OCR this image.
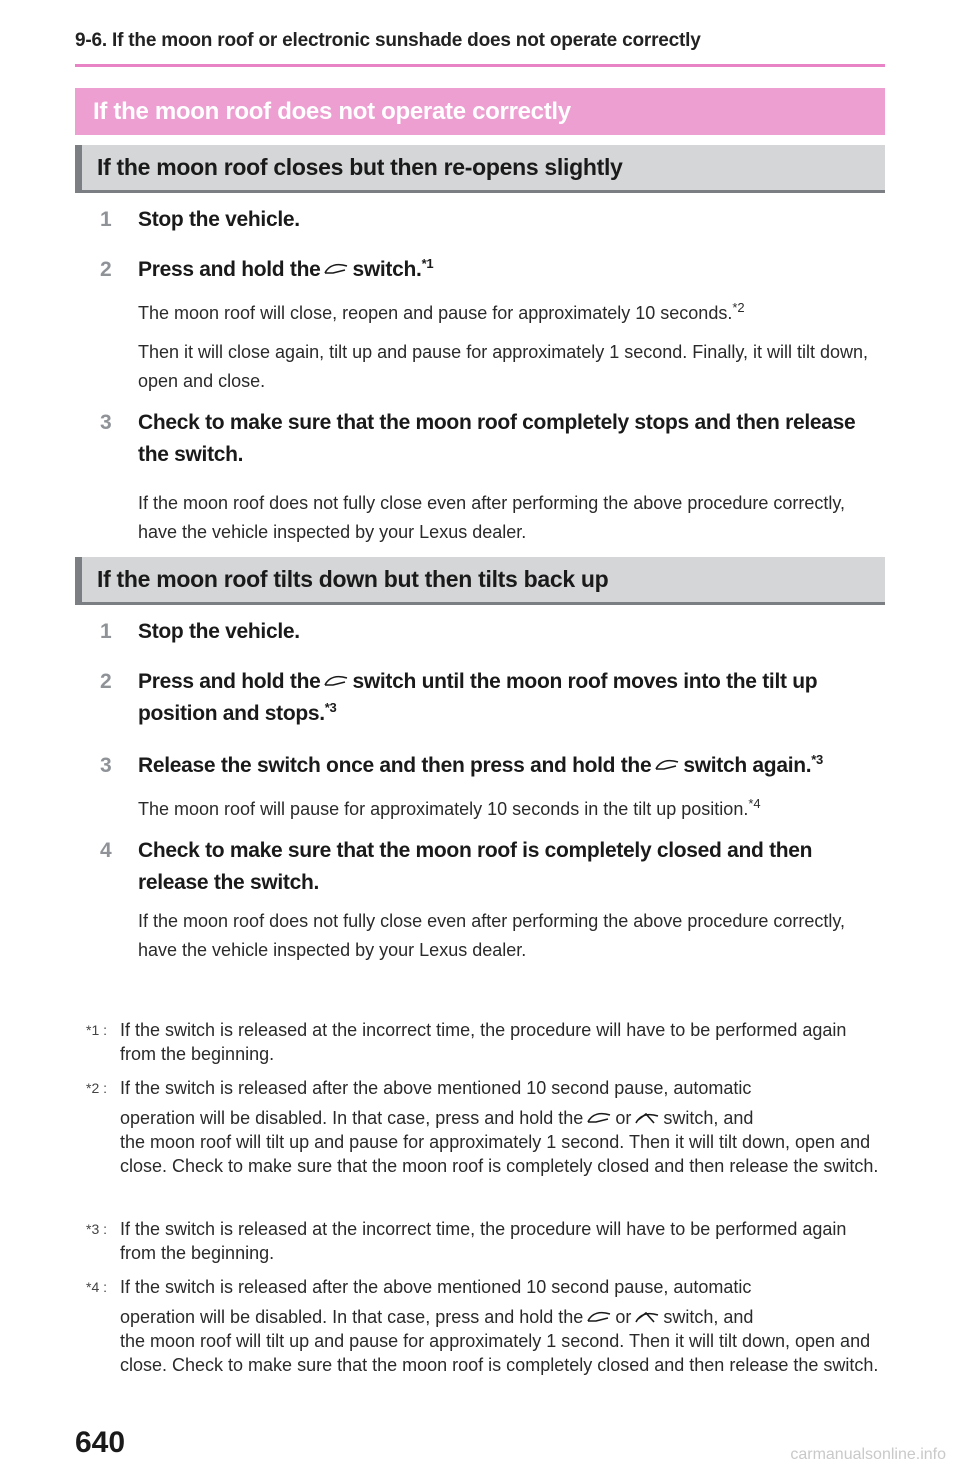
9-6. If the moon roof or electronic sunshade does not operate correctly
If the moon roof does not operate correctly
If the moon roof closes but then re-opens slightly
1 Stop the vehicle.
2 Press and hold the switch.$^{*1}$
The moon roof will close, reopen and pause for approximately 10 seconds.$^{*2}$
Then it will close again, tilt up and pause for approximately 1 second. Finally, it will tilt down, open and close.
3 Check to make sure that the moon roof completely stops and then release the switch.
If the moon roof does not fully close even after performing the above procedure correctly, have the vehicle inspected by your Lexus dealer.
If the moon roof tilts down but then tilts back up
1 Stop the vehicle.
2 Press and hold the switch until the moon roof moves into the tilt up position and stops.$^{*3}$
3 Release the switch once and then press and hold the switch again.$^{*3}$
The moon roof will pause for approximately 10 seconds in the tilt up position.$^{*4}$
4 Check to make sure that the moon roof is completely closed and then release the switch.
If the moon roof does not fully close even after performing the above procedure correctly, have the vehicle inspected by your Lexus dealer.
*1 : If the switch is released at the incorrect time, the procedure will have to be performed again from the beginning.
*2 : If the switch is released after the above mentioned 10 second pause, automatic
operation will be disabled. In that case, press and hold the or switch, and
the moon roof will tilt up and pause for approximately 1 second. Then it will tilt down, open and close. Check to make sure that the moon roof is completely closed and then release the switch.
*3 : If the switch is released at the incorrect time, the procedure will have to be performed again from the beginning.
*4 : If the switch is released after the above mentioned 10 second pause, automatic
operation will be disabled. In that case, press and hold the or switch, and
the moon roof will tilt up and pause for approximately 1 second. Then it will tilt down, open and close. Check to make sure that the moon roof is completely closed and then release the switch.
640	carmanualsonline.info
